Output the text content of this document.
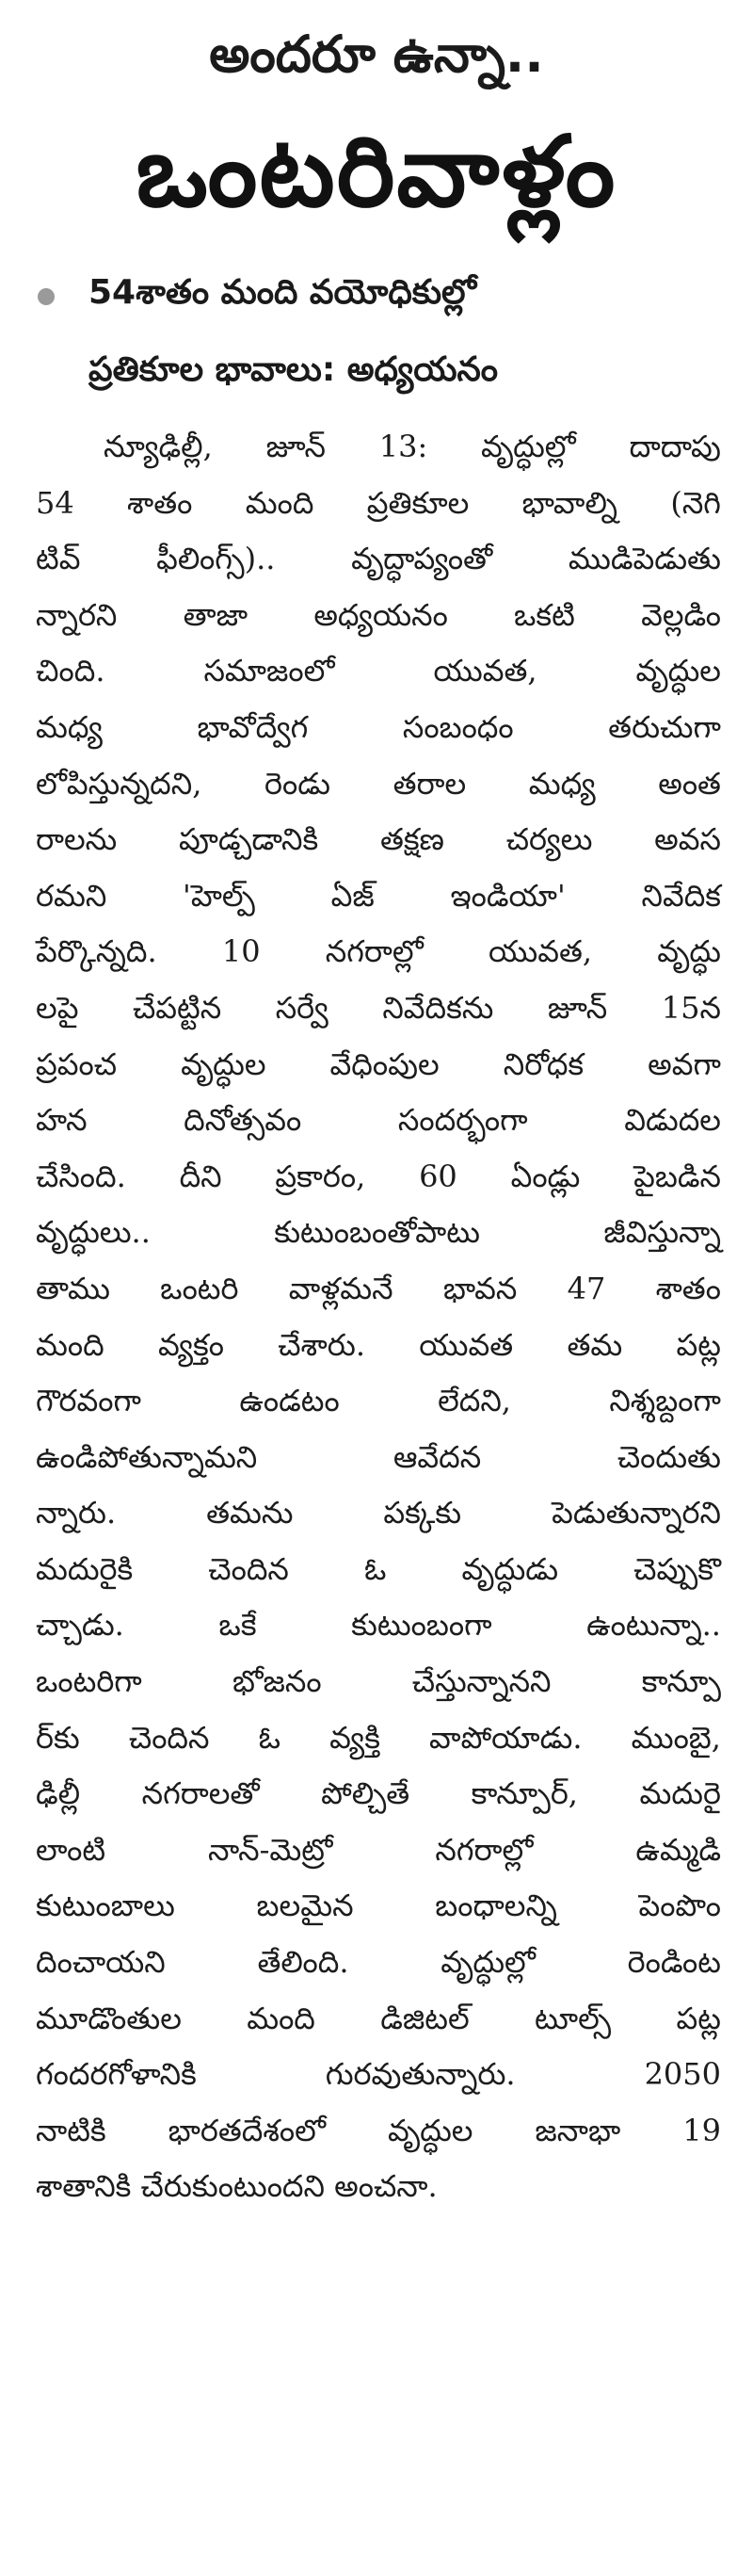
అందరూ ఉన్నా..
ఒంటరివాళ్లం
54శాతం మంది వయోధికుల్లో
ప్రతికూల భావాలు: అధ్యయనం
న్యూఢిల్లీ, జూన్ 13: వృద్ధుల్లో దాదాపు
54 శాతం మంది ప్రతికూల భావాల్ని (నెగి
టివ్	ఫీలింగ్స్)..	వృద్ధాప్యంతో	ముడిపెడుతు
న్నారని తాజా అధ్యయనం ఒకటి వెల్లడిం
చింది.	సమాజంలో	యువత,	వృద్ధుల
మధ్య	భావోద్వేగ	సంబంధం	తరుచుగా
లోపిస్తున్నదని, రెండు తరాల మధ్య అంత
రాలను పూడ్చడానికి తక్షణ చర్యలు అవస
రమని	'హెల్ప్	ఏజ్	ఇండియా'	నివేదిక
పేర్కొన్నది. 10 నగరాల్లో యువత, వృద్ధు
లపై చేపట్టిన సర్వే నివేదికను జూన్ 15న
ప్రపంచ వృద్ధుల వేధింపుల నిరోధక అవగా
హన	దినోత్సవం	సందర్భంగా	విడుదల
చేసింది. దీని ప్రకారం, 60 ఏండ్లు పైబడిన
వృద్ధులు..	కుటుంబంతోపాటు	జీవిస్తున్నా
తాము ఒంటరి వాళ్లమనే భావన 47 శాతం
మంది వ్యక్తం చేశారు. యువత తమ పట్ల
గౌరవంగా	ఉండటం	లేదని,	నిశ్శబ్దంగా
ఉండిపోతున్నామని	ఆవేదన	చెందుతు
న్నారు.	తమను	పక్కకు	పెడుతున్నారని
మదురైకి	చెందిన	ఓ	వృద్ధుడు	చెప్పుకొ
చ్చాడు.	ఒకే	కుటుంబంగా	ఉంటున్నా..
ఒంటరిగా	భోజనం	చేస్తున్నానని	కాన్పూ
ర్‌కు చెందిన ఓ వ్యక్తి వాపోయాడు. ముంబై,
ఢిల్లీ నగరాలతో పోల్చితే కాన్పూర్, మదురై
లాంటి	నాన్-మెట్రో	నగరాల్లో	ఉమ్మడి
కుటుంబాలు	బలమైన	బంధాలన్ని	పెంపొం
దించాయని	తేలింది.	వృద్ధుల్లో	రెండింట
మూడొంతుల మంది డిజిటల్ టూల్స్ పట్ల
గందరగోళానికి	గురవుతున్నారు.	2050
నాటికి భారతదేశంలో వృద్ధుల జనాభా 19
శాతానికి చేరుకుంటుందని అంచనా.
